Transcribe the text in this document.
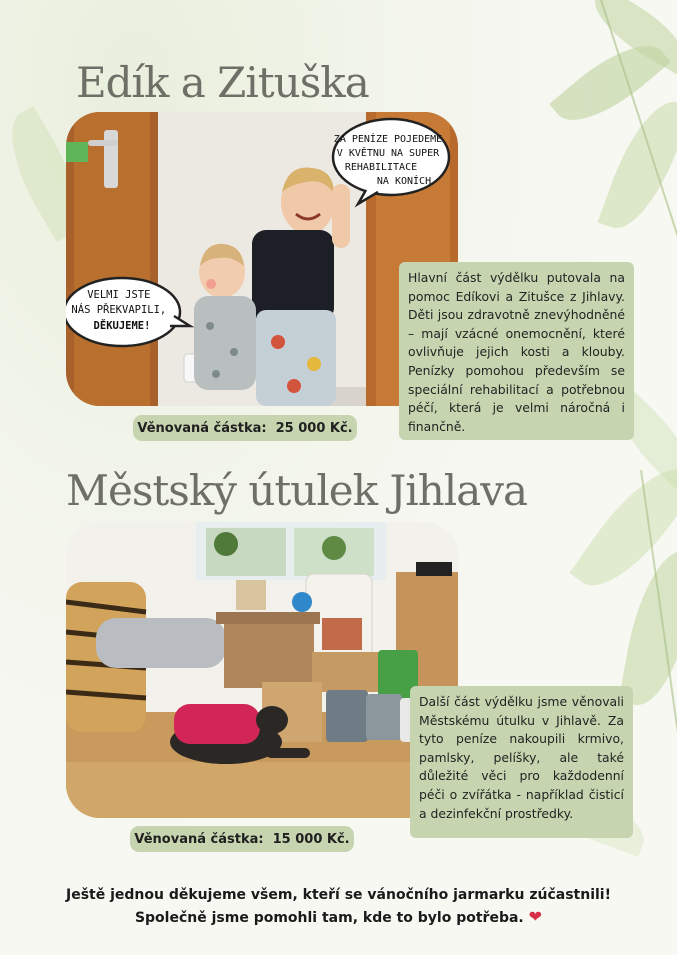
Edík a Zituška
ZA PENÍZE POJEDEME V KVĚTNU NA SUPER REHABILITACE NA KONÍCH
VELMI JSTE NÁS PŘEKVAPILI, DĚKUJEME!
Hlavní část výdělku putovala na pomoc Edíkovi a Zitušce z Jihlavy. Děti jsou zdravotně znevýhodněné – mají vzácné onemocnění, které ovlivňuje jejich kosti a klouby. Penízky pomohou především se speciální rehabilitací a potřebnou péčí, která je velmi náročná i finančně.
Věnovaná částka:  25 000 Kč.
Městský útulek Jihlava
Další část výdělku jsme věnovali Městskému útulku v Jihlavě. Za tyto peníze nakoupili krmivo, pamlsky, pelíšky, ale také důležité věci pro každodenní péči o zvířátka - například čisticí a dezinfekční prostředky.
Věnovaná částka:  15 000 Kč.
Ještě jednou děkujeme všem, kteří se vánočního jarmarku zúčastnili!
Společně jsme pomohli tam, kde to bylo potřeba. ❤
